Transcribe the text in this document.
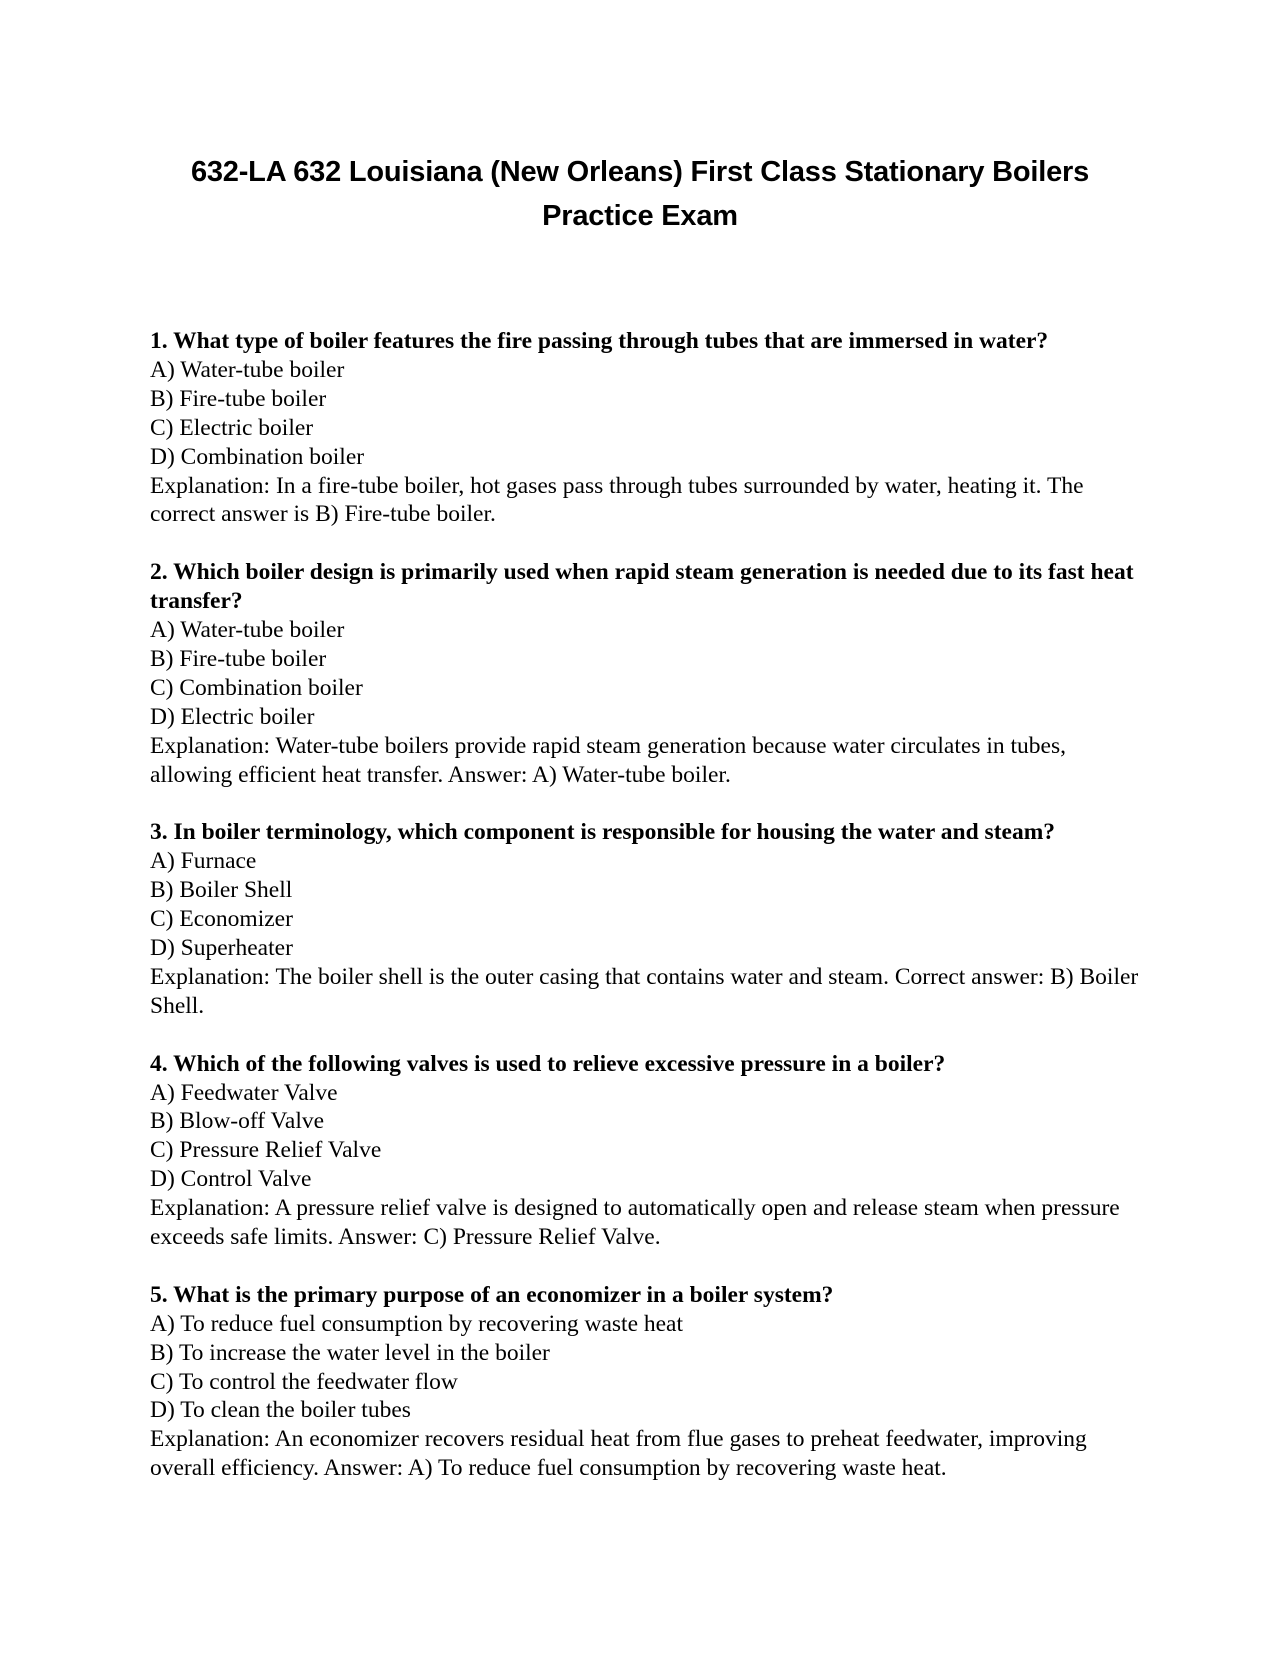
632-LA 632 Louisiana (New Orleans) First Class Stationary Boilers
Practice Exam
1. What type of boiler features the fire passing through tubes that are immersed in water?
A) Water-tube boiler
B) Fire-tube boiler
C) Electric boiler
D) Combination boiler
Explanation: In a fire-tube boiler, hot gases pass through tubes surrounded by water, heating it. The correct answer is B) Fire-tube boiler.
2. Which boiler design is primarily used when rapid steam generation is needed due to its fast heat transfer?
A) Water-tube boiler
B) Fire-tube boiler
C) Combination boiler
D) Electric boiler
Explanation: Water-tube boilers provide rapid steam generation because water circulates in tubes, allowing efficient heat transfer. Answer: A) Water-tube boiler.
3. In boiler terminology, which component is responsible for housing the water and steam?
A) Furnace
B) Boiler Shell
C) Economizer
D) Superheater
Explanation: The boiler shell is the outer casing that contains water and steam. Correct answer: B) Boiler Shell.
4. Which of the following valves is used to relieve excessive pressure in a boiler?
A) Feedwater Valve
B) Blow-off Valve
C) Pressure Relief Valve
D) Control Valve
Explanation: A pressure relief valve is designed to automatically open and release steam when pressure exceeds safe limits. Answer: C) Pressure Relief Valve.
5. What is the primary purpose of an economizer in a boiler system?
A) To reduce fuel consumption by recovering waste heat
B) To increase the water level in the boiler
C) To control the feedwater flow
D) To clean the boiler tubes
Explanation: An economizer recovers residual heat from flue gases to preheat feedwater, improving overall efficiency. Answer: A) To reduce fuel consumption by recovering waste heat.
